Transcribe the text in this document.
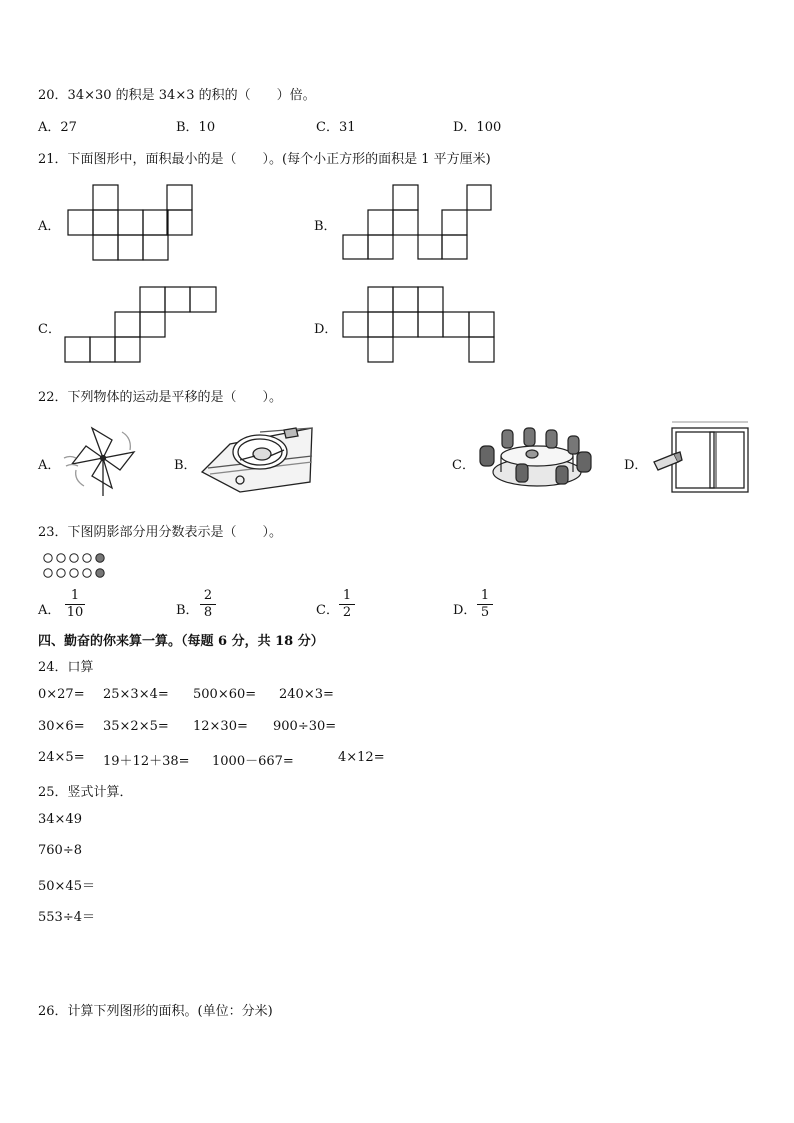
20．34×30 的积是 34×3 的积的（　　）倍。
A．27	B．10	C．31	D．100
21．下面图形中，面积最小的是（　　）。(每个小正方形的面积是 1 平方厘米)
A．	B．
C．	D．
22．下列物体的运动是平移的是（　　）。
A．	B．	C．	D．
23．下图阴影部分用分数表示是（　　）。
A．
1
10	B．
2
8	C．
1
2	D．
1
5
四、勤奋的你来算一算。（每题 6 分，共 18 分）
24．口算
0×27= 25×3×4= 500×60= 240×3=
30×6= 35×2×5= 12×30= 900÷30=
24×5= 19＋12＋38= 1000－667=	4×12=
25．竖式计算．
34×49
760÷8
50×45＝
553÷4＝
26．计算下列图形的面积。(单位：分米)
